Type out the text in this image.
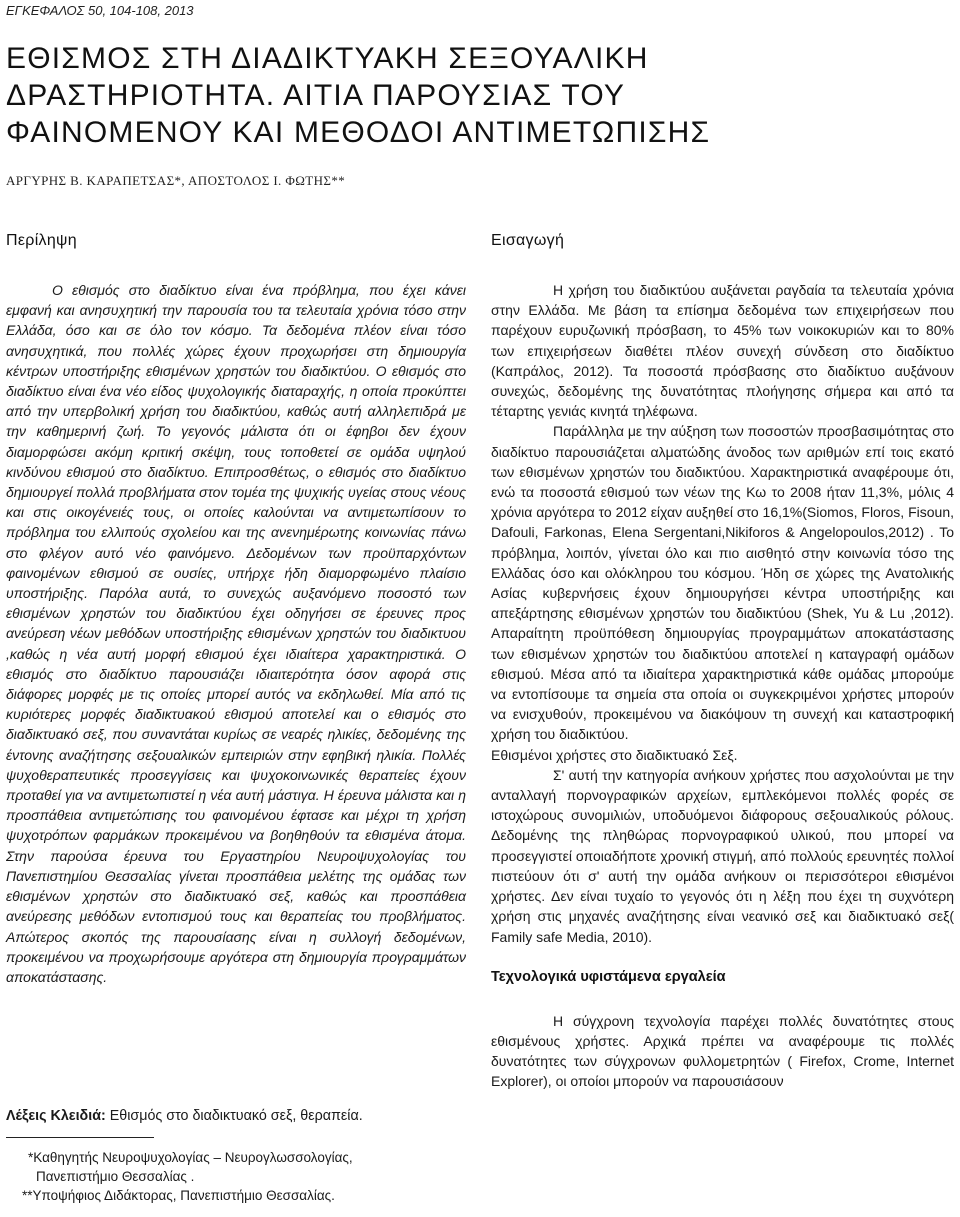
ΕΓΚΕΦΑΛΟΣ 50, 104-108, 2013
ΕΘΙΣΜΟΣ ΣΤΗ ΔΙΑΔΙΚΤΥΑΚΗ ΣΕΞΟΥΑΛΙΚΗ
ΔΡΑΣΤΗΡΙΟΤΗΤΑ. ΑΙΤΙΑ ΠΑΡΟΥΣΙΑΣ ΤΟΥ
ΦΑΙΝΟΜΕΝΟΥ ΚΑΙ ΜΕΘΟΔΟΙ ΑΝΤΙΜΕΤΩΠΙΣΗΣ
ΑΡΓΥΡΗΣ Β. ΚΑΡΑΠΕΤΣΑΣ*, ΑΠΟΣΤΟΛΟΣ Ι. ΦΩΤΗΣ**
Περίληψη

Ο εθισμός στο διαδίκτυο είναι ένα πρόβλημα, που έχει κάνει εμφανή και ανησυχητική την παρουσία του τα τελευταία χρόνια τόσο στην Ελλάδα, όσο και σε όλο τον κόσμο. Τα δεδομένα πλέον είναι τόσο ανησυχητικά, που πολλές χώρες έχουν προχωρήσει στη δημιουργία κέντρων υποστήριξης εθισμένων χρηστών του διαδικτύου. Ο εθισμός στο διαδίκτυο είναι ένα νέο είδος ψυχολογικής διαταραχής, η οποία προκύπτει από την υπερβολική χρήση του διαδικτύου, καθώς αυτή αλληλεπιδρά με την καθημερινή ζωή. Το γεγονός μάλιστα ότι οι έφηβοι δεν έχουν διαμορφώσει ακόμη κριτική σκέψη, τους τοποθετεί σε ομάδα υψηλού κινδύνου εθισμού στο διαδίκτυο. Επιπροσθέτως, ο εθισμός στο διαδίκτυο δημιουργεί πολλά προβλήματα στον τομέα της ψυχικής υγείας στους νέους και στις οικογένειές τους, οι οποίες καλούνται να αντιμετωπίσουν το πρόβλημα του ελλιπούς σχολείου και της ανενημέρωτης κοινωνίας πάνω στο φλέγον αυτό νέο φαινόμενο. Δεδομένων των προϋπαρχόντων φαινομένων εθισμού σε ουσίες, υπήρχε ήδη διαμορφωμένο πλαίσιο υποστήριξης. Παρόλα αυτά, το συνεχώς αυξανόμενο ποσοστό των εθισμένων χρηστών του διαδικτύου έχει οδηγήσει σε έρευνες προς ανεύρεση νέων μεθόδων υποστήριξης εθισμένων χρηστών του διαδικτυου ,καθώς η νέα αυτή μορφή εθισμού έχει ιδιαίτερα χαρακτηριστικά. Ο εθισμός στο διαδίκτυο παρουσιάζει ιδιαιτερότητα όσον αφορά στις διάφορες μορφές με τις οποίες μπορεί αυτός να εκδηλωθεί. Μία από τις κυριότερες μορφές διαδικτυακού εθισμού αποτελεί και ο εθισμός στο διαδικτυακό σεξ, που συναντάται κυρίως σε νεαρές ηλικίες, δεδομένης της έντονης αναζήτησης σεξουαλικών εμπειριών στην εφηβική ηλικία. Πολλές ψυχοθεραπευτικές προσεγγίσεις και ψυχοκοινωνικές θεραπείες έχουν προταθεί για να αντιμετωπιστεί η νέα αυτή μάστιγα. Η έρευνα μάλιστα και η προσπάθεια αντιμετώπισης του φαινομένου έφτασε και μέχρι τη χρήση ψυχοτρόπων φαρμάκων προκειμένου να βοηθηθούν τα εθισμένα άτομα. Στην παρούσα έρευνα του Εργαστηρίου Νευροψυχολογίας του Πανεπιστημίου Θεσσαλίας γίνεται προσπάθεια μελέτης της ομάδας των εθισμένων χρηστών στο διαδικτυακό σεξ, καθώς και προσπάθεια ανεύρεσης μεθόδων εντοπισμού τους και θεραπείας του προβλήματος. Απώτερος σκοπός της παρουσίασης είναι η συλλογή δεδομένων, προκειμένου να προχωρήσουμε αργότερα στη δημιουργία προγραμμάτων αποκατάστασης.

Λέξεις Κλειδιά: Εθισμός στο διαδικτυακό σεξ, θεραπεία.
*Καθηγητής Νευροψυχολογίας – Νευρογλωσσολογίας,
Πανεπιστήμιο Θεσσαλίας .
**Υποψήφιος Διδάκτορας, Πανεπιστήμιο Θεσσαλίας.
Εισαγωγή

Η χρήση του διαδικτύου αυξάνεται ραγδαία τα τελευταία χρόνια στην Ελλάδα. Με βάση τα επίσημα δεδομένα των επιχειρήσεων που παρέχουν ευρυζωνική πρόσβαση, το 45% των νοικοκυριών και το 80% των επιχειρήσεων διαθέτει πλέον συνεχή σύνδεση στο διαδίκτυο (Καπράλος, 2012). Τα ποσοστά πρόσβασης στο διαδίκτυο αυξάνουν συνεχώς, δεδομένης της δυνατότητας πλοήγησης σήμερα και από τα τέταρτης γενιάς κινητά τηλέφωνα.

Παράλληλα με την αύξηση των ποσοστών προσβασιμότητας στο διαδίκτυο παρουσιάζεται αλματώδης άνοδος των αριθμών επί τοις εκατό των εθισμένων χρηστών του διαδικτύου. Χαρακτηριστικά αναφέρουμε ότι, ενώ τα ποσοστά εθισμού των νέων της Κω το 2008 ήταν 11,3%, μόλις 4 χρόνια αργότερα το 2012 είχαν αυξηθεί στο 16,1%(Siomos, Floros, Fisoun, Dafouli, Farkonas, Elena Sergentani,Nikiforos & Angelopoulos,2012) . Το πρόβλημα, λοιπόν, γίνεται όλο και πιο αισθητό στην κοινωνία τόσο της Ελλάδας όσο και ολόκληρου του κόσμου. Ήδη σε χώρες της Ανατολικής Ασίας κυβερνήσεις έχουν δημιουργήσει κέντρα υποστήριξης και απεξάρτησης εθισμένων χρηστών του διαδικτύου (Shek, Yu & Lu ,2012). Απαραίτητη προϋπόθεση δημιουργίας προγραμμάτων αποκατάστασης των εθισμένων χρηστών του διαδικτύου αποτελεί η καταγραφή ομάδων εθισμού. Μέσα από τα ιδιαίτερα χαρακτηριστικά κάθε ομάδας μπορούμε να εντοπίσουμε τα σημεία στα οποία οι συγκεκριμένοι χρήστες μπορούν να ενισχυθούν, προκειμένου να διακόψουν τη συνεχή και καταστροφική χρήση του διαδικτύου.

Εθισμένοι χρήστες στο διαδικτυακό Σεξ.

Σ' αυτή την κατηγορία ανήκουν χρήστες που ασχολούνται με την ανταλλαγή πορνογραφικών αρχείων, εμπλεκόμενοι πολλές φορές σε ιστοχώρους συνομιλιών, υποδυόμενοι διάφορους σεξουαλικούς ρόλους. Δεδομένης της πληθώρας πορνογραφικού υλικού, που μπορεί να προσεγγιστεί οποιαδήποτε χρονική στιγμή, από πολλούς ερευνητές πολλοί πιστεύουν ότι σ' αυτή την ομάδα ανήκουν οι περισσότεροι εθισμένοι χρήστες. Δεν είναι τυχαίο το γεγονός ότι η λέξη που έχει τη συχνότερη χρήση στις μηχανές αναζήτησης είναι νεανικό σεξ και διαδικτυακό σεξ( Family safe Media, 2010).

Τεχνολογικά υφιστάμενα εργαλεία

Η σύγχρονη τεχνολογία παρέχει πολλές δυνατότητες στους εθισμένους χρήστες. Αρχικά πρέπει να αναφέρουμε τις πολλές δυνατότητες των σύγχρονων φυλλομετρητών ( Firefox, Crome, Internet Explorer), οι οποίοι μπορούν να παρουσιάσουν
